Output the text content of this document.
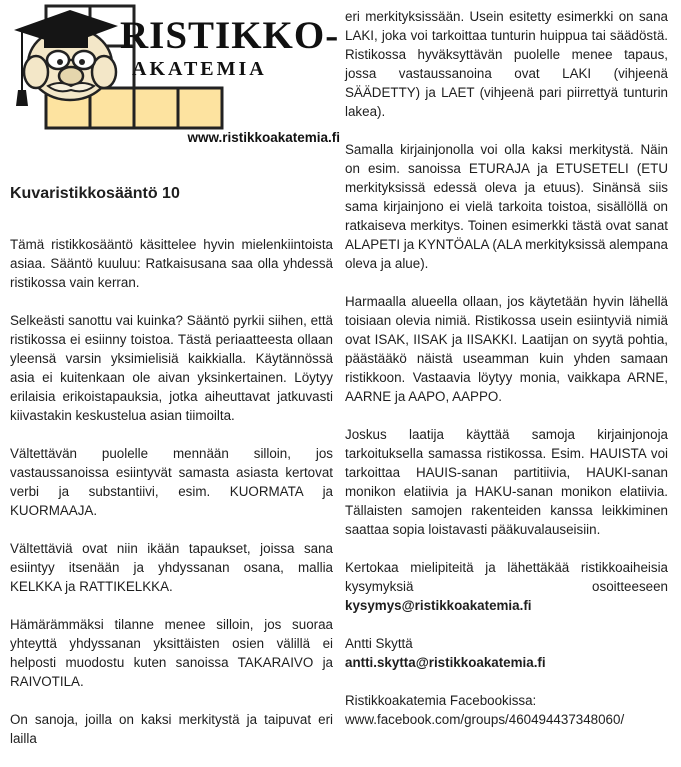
RISTIKKO-
AKATEMIA
www.ristikkoakatemia.fi
Kuvaristikkosääntö 10

Tämä ristikkosääntö käsittelee hyvin mielenkiintoista asiaa. Sääntö kuuluu: Ratkaisusana saa olla yhdessä ristikossa vain kerran.

Selkeästi sanottu vai kuinka? Sääntö pyrkii siihen, että ristikossa ei esiinny toistoa. Tästä periaatteesta ollaan yleensä varsin yksimielisiä kaikkialla. Käytännössä asia ei kuitenkaan ole aivan yksinkertainen. Löytyy erilaisia erikoistapauksia, jotka aiheuttavat jatkuvasti kiivastakin keskustelua asian tiimoilta.

Vältettävän puolelle mennään silloin, jos vastaussanoissa esiintyvät samasta asiasta kertovat verbi ja substantiivi, esim. KUORMATA ja KUORMAAJA.

Vältettäviä ovat niin ikään tapaukset, joissa sana esiintyy itsenään ja yhdyssanan osana, mallia KELKKA ja RATTIKELKKA.

Hämärämmäksi tilanne menee silloin, jos suoraa yhteyttä yhdyssanan yksittäisten osien välillä ei helposti muodostu kuten sanoissa TAKARAIVO ja RAIVOTILA.

On sanoja, joilla on kaksi merkitystä ja taipuvat eri lailla

eri merkityksissään. Usein esitetty esimerkki on sana LAKI, joka voi tarkoittaa tunturin huippua tai säädöstä. Ristikossa hyväksyttävän puolelle menee tapaus, jossa vastaussanoina ovat LAKI (vihjeenä SÄÄDETTY) ja LAET (vihjeenä pari piirrettyä tunturin lakea).

Samalla kirjainjonolla voi olla kaksi merkitystä. Näin on esim. sanoissa ETURAJA ja ETUSETELI (ETU merkityksissä edessä oleva ja etuus). Sinänsä siis sama kirjainjono ei vielä tarkoita toistoa, sisällöllä on ratkaiseva merkitys. Toinen esimerkki tästä ovat sanat ALAPETI ja KYNTÖALA (ALA merkityksissä alempana oleva ja alue).

Harmaalla alueella ollaan, jos käytetään hyvin lähellä toisiaan olevia nimiä. Ristikossa usein esiintyviä nimiä ovat ISAK, IISAK ja IISAKKI. Laatijan on syytä pohtia, päästääkö näistä useamman kuin yhden samaan ristikkoon. Vastaavia löytyy monia, vaikkapa ARNE, AARNE ja AAPO, AAPPO.

Joskus laatija käyttää samoja kirjainjonoja tarkoituksella samassa ristikossa. Esim. HAUISTA voi tarkoittaa HAUIS-sanan partitiivia, HAUKI-sanan monikon elatiivia ja HAKU-sanan monikon elatiivia. Tällaisten samojen rakenteiden kanssa leikkiminen saattaa sopia loistavasti pääkuvalauseisiin.

Kertokaa mielipiteitä ja lähettäkää ristikkoaiheisia kysymyksiä osoitteeseen kysymys@ristikkoakatemia.fi

Antti Skyttä
antti.skytta@ristikkoakatemia.fi

Ristikkoakatemia Facebookissa:
www.facebook.com/groups/460494437348060/
